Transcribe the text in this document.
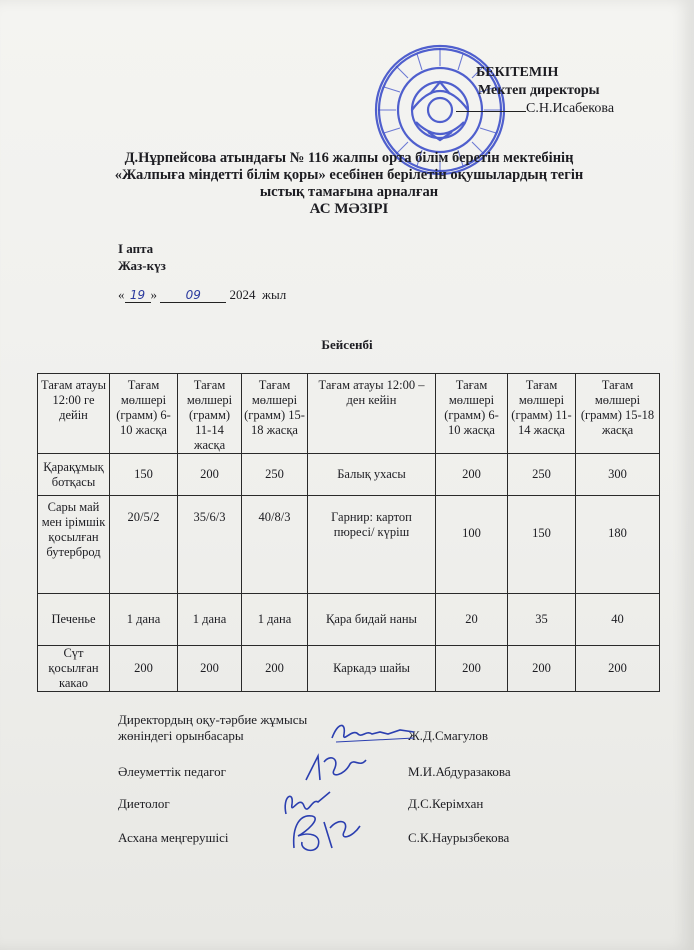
БЕКІТЕМІН
Мектеп директоры
С.Н.Исабекова
Д.Нұрпейсова атындағы № 116 жалпы орта білім беретін мектебінің
«Жалпыға міндетті білім қоры» есебінен берілетін оқушылардың тегін
ыстық тамағына арналған
АС МӘЗІРІ
I апта
Жаз-күз
« 19 » 09 2024 жыл
Бейсенбі
Тағам атауы 12:00 ге дейін	Тағам мөлшері (грамм) 6-10 жасқа	Тағам мөлшері (грамм) 11-14 жасқа	Тағам мөлшері (грамм) 15-18 жасқа	Тағам атауы 12:00 – ден кейін	Тағам мөлшері (грамм) 6-10 жасқа	Тағам мөлшері (грамм) 11-14 жасқа	Тағам мөлшері (грамм) 15-18 жасқа
Қарақұмық ботқасы	150	200	250	Балық ухасы	200	250	300
Сары май мен ірімшік қосылған бутерброд	20/5/2	35/6/3	40/8/3	Гарнир: картоп пюресі/ күріш	100	150	180
Печенье	1 дана	1 дана	1 дана	Қара бидай наны	20	35	40
Сүт қосылған какао	200	200	200	Каркадэ шайы	200	200	200
Директордың оқу-тәрбие жұмысы жөніндегі орынбасары	Ж.Д.Смагулов
Әлеуметтік педагог	М.И.Абдуразакова
Диетолог	Д.С.Керімхан
Асхана меңгерушісі	С.К.Наурызбекова
